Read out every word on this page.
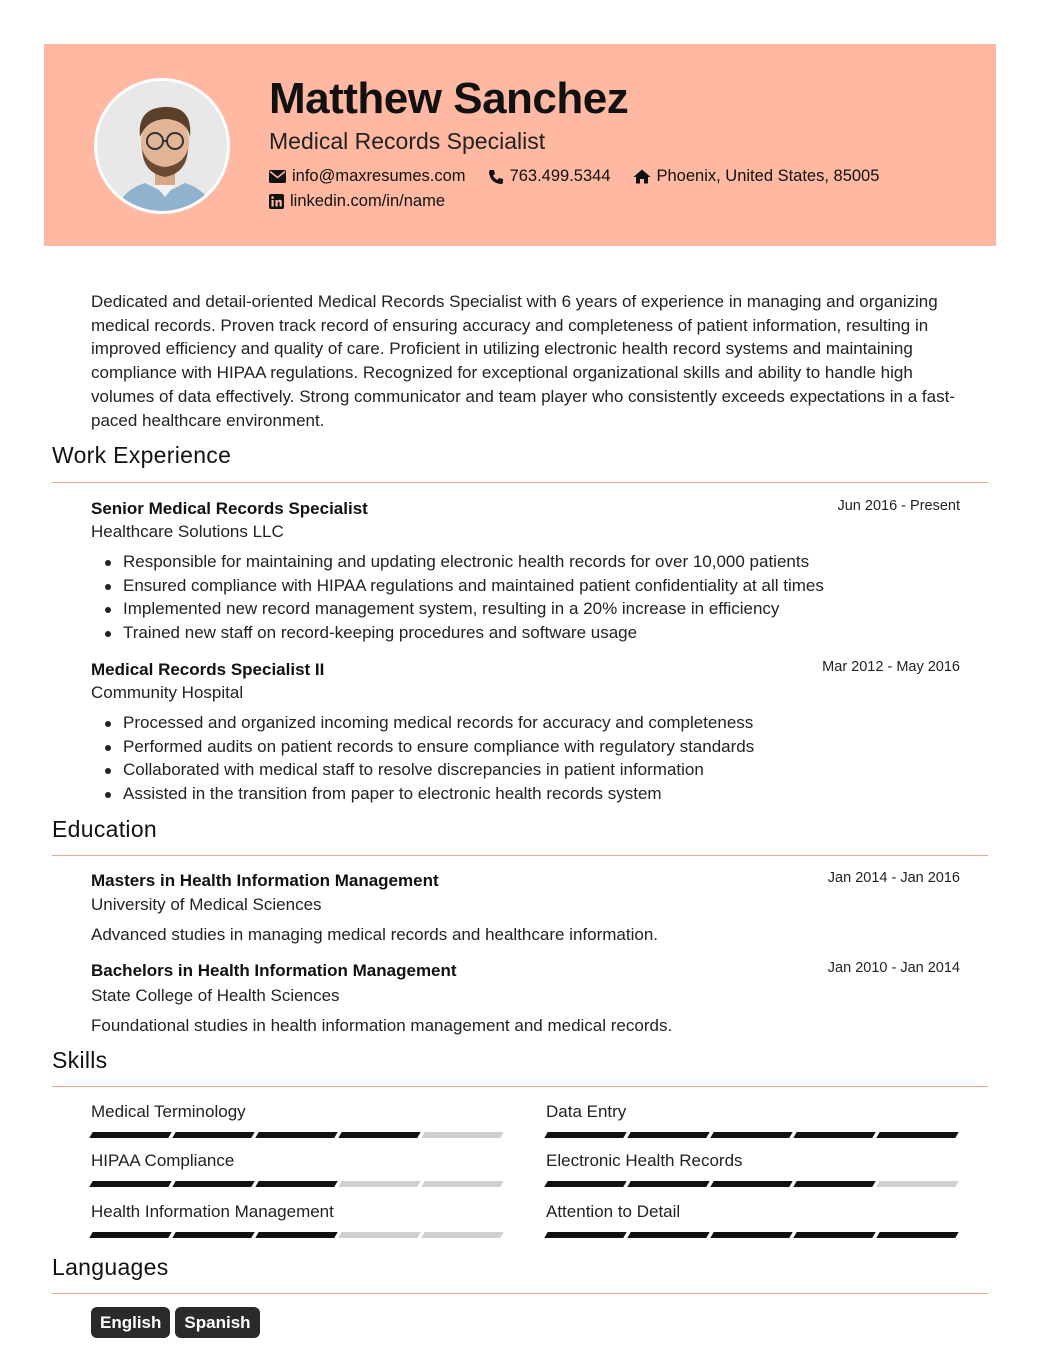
Matthew Sanchez
Medical Records Specialist
info@maxresumes.com	763.499.5344	Phoenix, United States, 85005
linkedin.com/in/name
Dedicated and detail-oriented Medical Records Specialist with 6 years of experience in managing and organizing medical records. Proven track record of ensuring accuracy and completeness of patient information, resulting in improved efficiency and quality of care. Proficient in utilizing electronic health record systems and maintaining compliance with HIPAA regulations. Recognized for exceptional organizational skills and ability to handle high volumes of data effectively. Strong communicator and team player who consistently exceeds expectations in a fast-paced healthcare environment.
Work Experience
Senior Medical Records Specialist	Jun 2016 - Present
Healthcare Solutions LLC
Responsible for maintaining and updating electronic health records for over 10,000 patients
Ensured compliance with HIPAA regulations and maintained patient confidentiality at all times
Implemented new record management system, resulting in a 20% increase in efficiency
Trained new staff on record-keeping procedures and software usage
Medical Records Specialist II	Mar 2012 - May 2016
Community Hospital
Processed and organized incoming medical records for accuracy and completeness
Performed audits on patient records to ensure compliance with regulatory standards
Collaborated with medical staff to resolve discrepancies in patient information
Assisted in the transition from paper to electronic health records system
Education
Masters in Health Information Management	Jan 2014 - Jan 2016
University of Medical Sciences
Advanced studies in managing medical records and healthcare information.
Bachelors in Health Information Management	Jan 2010 - Jan 2014
State College of Health Sciences
Foundational studies in health information management and medical records.
Skills
Medical Terminology	Data Entry
HIPAA Compliance	Electronic Health Records
Health Information Management	Attention to Detail
Languages
English	Spanish
